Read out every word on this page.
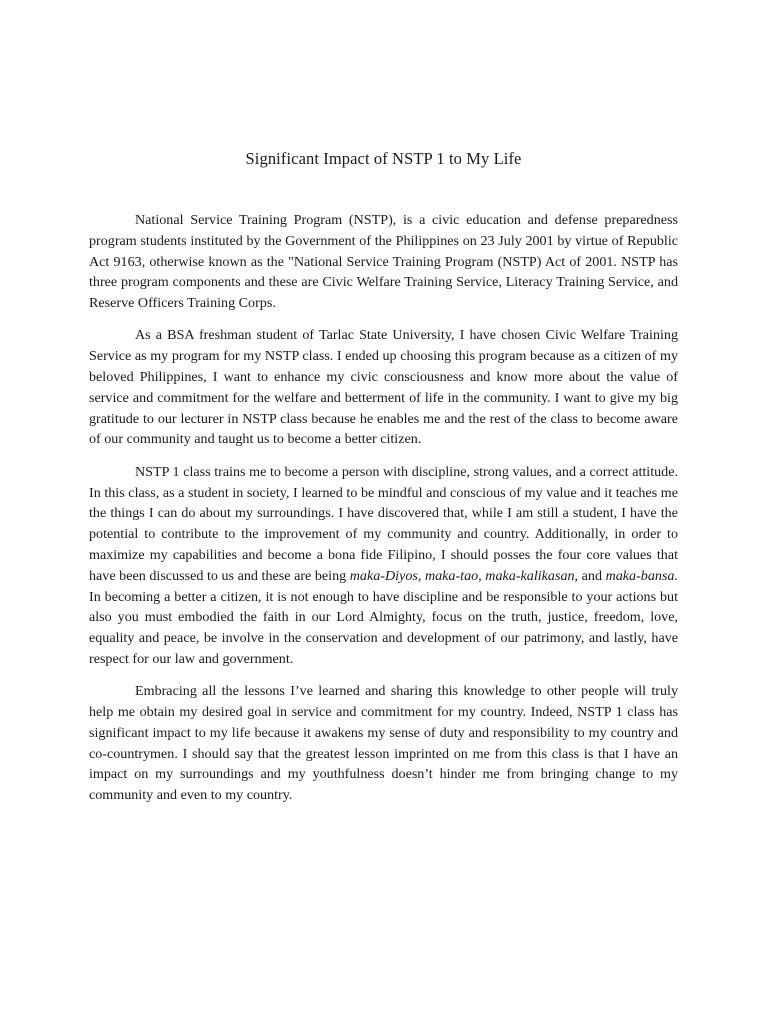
Significant Impact of NSTP 1 to My Life

National Service Training Program (NSTP), is a civic education and defense preparedness program students instituted by the Government of the Philippines on 23 July 2001 by virtue of Republic Act 9163, otherwise known as the "National Service Training Program (NSTP) Act of 2001. NSTP has three program components and these are Civic Welfare Training Service, Literacy Training Service, and Reserve Officers Training Corps.

As a BSA freshman student of Tarlac State University, I have chosen Civic Welfare Training Service as my program for my NSTP class. I ended up choosing this program because as a citizen of my beloved Philippines, I want to enhance my civic consciousness and know more about the value of service and commitment for the welfare and betterment of life in the community. I want to give my big gratitude to our lecturer in NSTP class because he enables me and the rest of the class to become aware of our community and taught us to become a better citizen.

NSTP 1 class trains me to become a person with discipline, strong values, and a correct attitude. In this class, as a student in society, I learned to be mindful and conscious of my value and it teaches me the things I can do about my surroundings. I have discovered that, while I am still a student, I have the potential to contribute to the improvement of my community and country. Additionally, in order to maximize my capabilities and become a bona fide Filipino, I should posses the four core values that have been discussed to us and these are being maka-Diyos, maka-tao, maka-kalikasan, and maka-bansa. In becoming a better a citizen, it is not enough to have discipline and be responsible to your actions but also you must embodied the faith in our Lord Almighty, focus on the truth, justice, freedom, love, equality and peace, be involve in the conservation and development of our patrimony, and lastly, have respect for our law and government.

Embracing all the lessons I’ve learned and sharing this knowledge to other people will truly help me obtain my desired goal in service and commitment for my country. Indeed, NSTP 1 class has significant impact to my life because it awakens my sense of duty and responsibility to my country and co-countrymen. I should say that the greatest lesson imprinted on me from this class is that I have an impact on my surroundings and my youthfulness doesn’t hinder me from bringing change to my community and even to my country.
